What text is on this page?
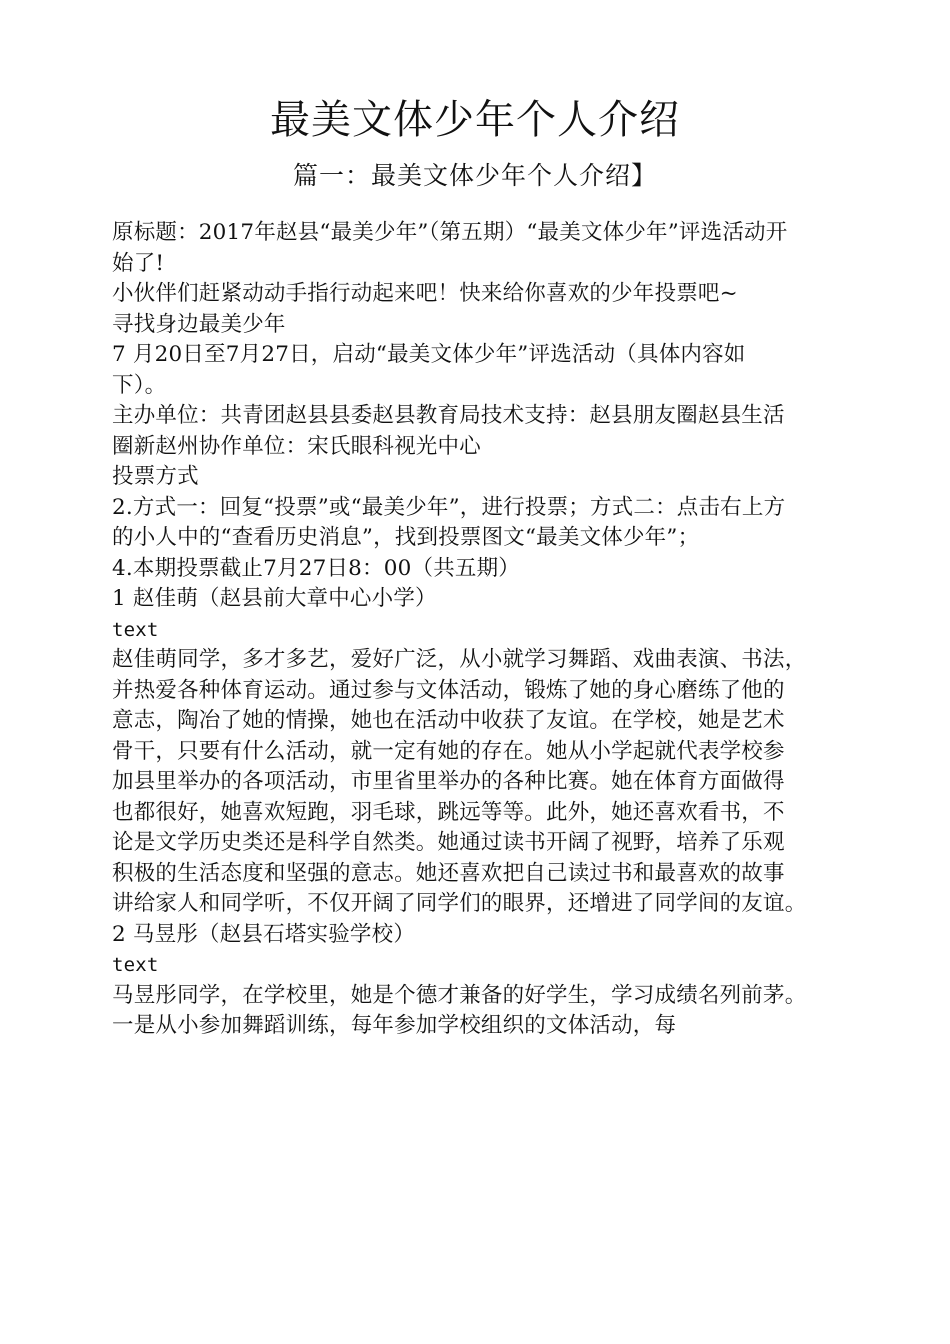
最美文体少年个人介绍
篇一：最美文体少年个人介绍】
原标题：2017年赵县“最美少年”（第五期）“最美文体少年”评选活动开
始了!
小伙伴们赶紧动动手指行动起来吧！快来给你喜欢的少年投票吧~
寻找身边最美少年
7 月20日至7月27日，启动“最美文体少年”评选活动（具体内容如
下）。
主办单位：共青团赵县县委赵县教育局技术支持：赵县朋友圈赵县生活
圈新赵州协作单位：宋氏眼科视光中心
投票方式
2.方式一：回复“投票”或“最美少年”，进行投票；方式二：点击右上方
的小人中的“查看历史消息”，找到投票图文“最美文体少年”；
4.本期投票截止7月27日8：00（共五期）
1 赵佳萌（赵县前大章中心小学）
text
赵佳萌同学，多才多艺，爱好广泛，从小就学习舞蹈、戏曲表演、书法，
并热爱各种体育运动。通过参与文体活动，锻炼了她的身心磨练了他的
意志，陶冶了她的情操，她也在活动中收获了友谊。在学校，她是艺术
骨干，只要有什么活动，就一定有她的存在。她从小学起就代表学校参
加县里举办的各项活动，市里省里举办的各种比赛。她在体育方面做得
也都很好，她喜欢短跑，羽毛球，跳远等等。此外，她还喜欢看书，不
论是文学历史类还是科学自然类。她通过读书开阔了视野，培养了乐观
积极的生活态度和坚强的意志。她还喜欢把自己读过书和最喜欢的故事
讲给家人和同学听，不仅开阔了同学们的眼界，还增进了同学间的友谊。
2 马昱彤（赵县石塔实验学校）
text
马昱彤同学，在学校里，她是个德才兼备的好学生，学习成绩名列前茅。
一是从小参加舞蹈训练，每年参加学校组织的文体活动，每
